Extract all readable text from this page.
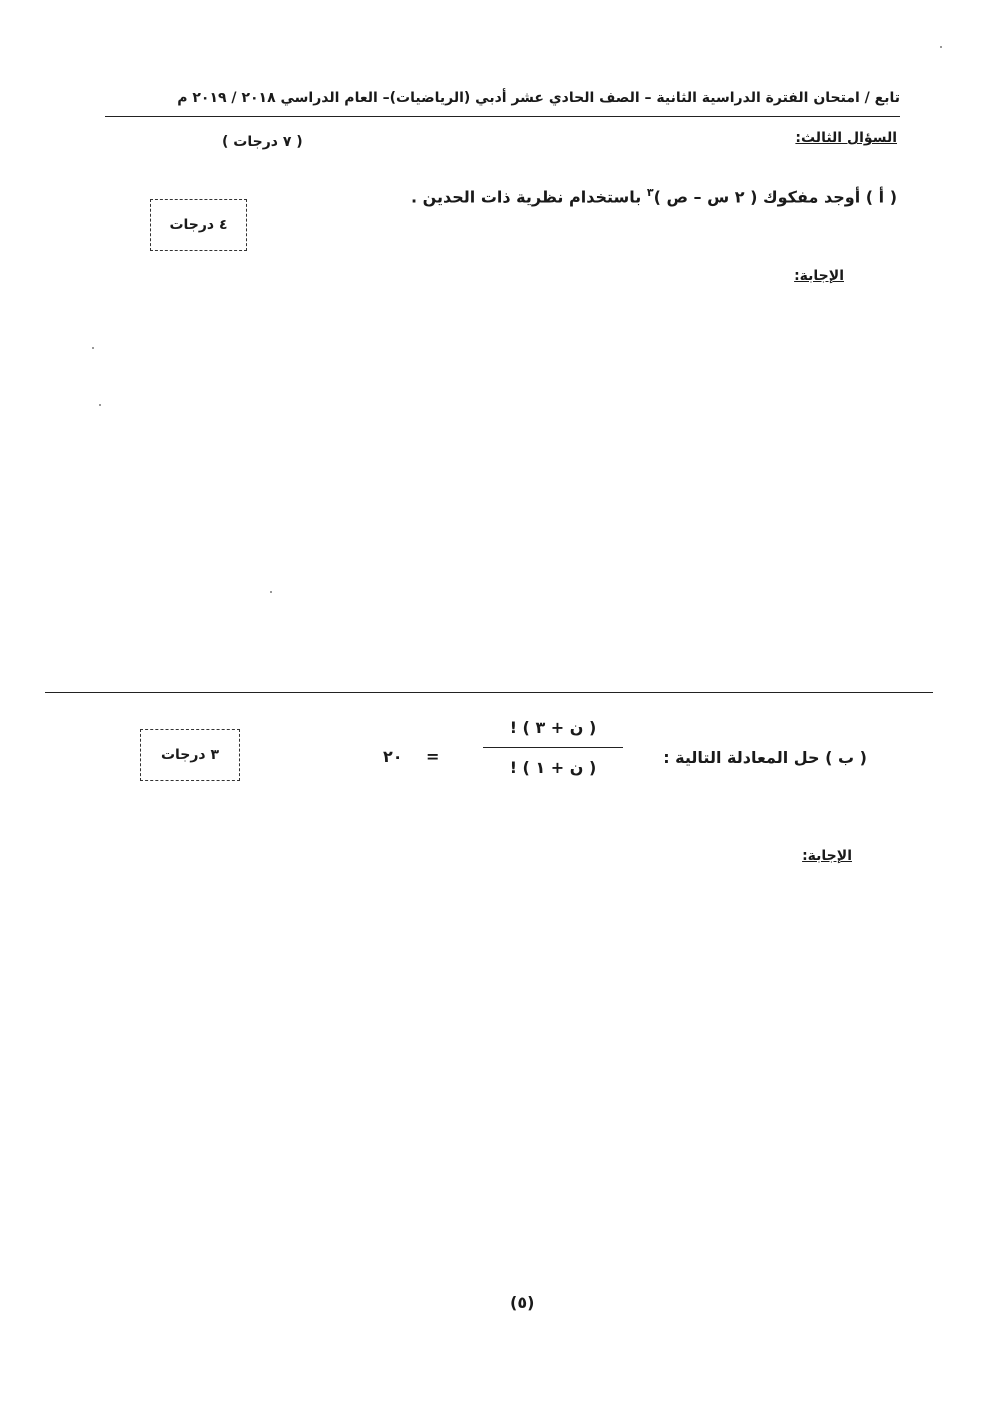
تابع / امتحان الفترة الدراسية الثانية – الصف الحادي عشر أدبي (الرياضيات)– العام الدراسي ٢٠١٨ / ٢٠١٩ م
السؤال الثالث:
( ٧ درجات )
( أ ) أوجد مفكوك ( ٢ س – ص )$^٣$ باستخدام نظرية ذات الحدين .
٤ درجات
الإجابة:
٣ درجات	( ب ) حل المعادلة التالية :
( ن + ٣ ) !
( ن + ١ ) !
=
٢٠
الإجابة:
(٥)
